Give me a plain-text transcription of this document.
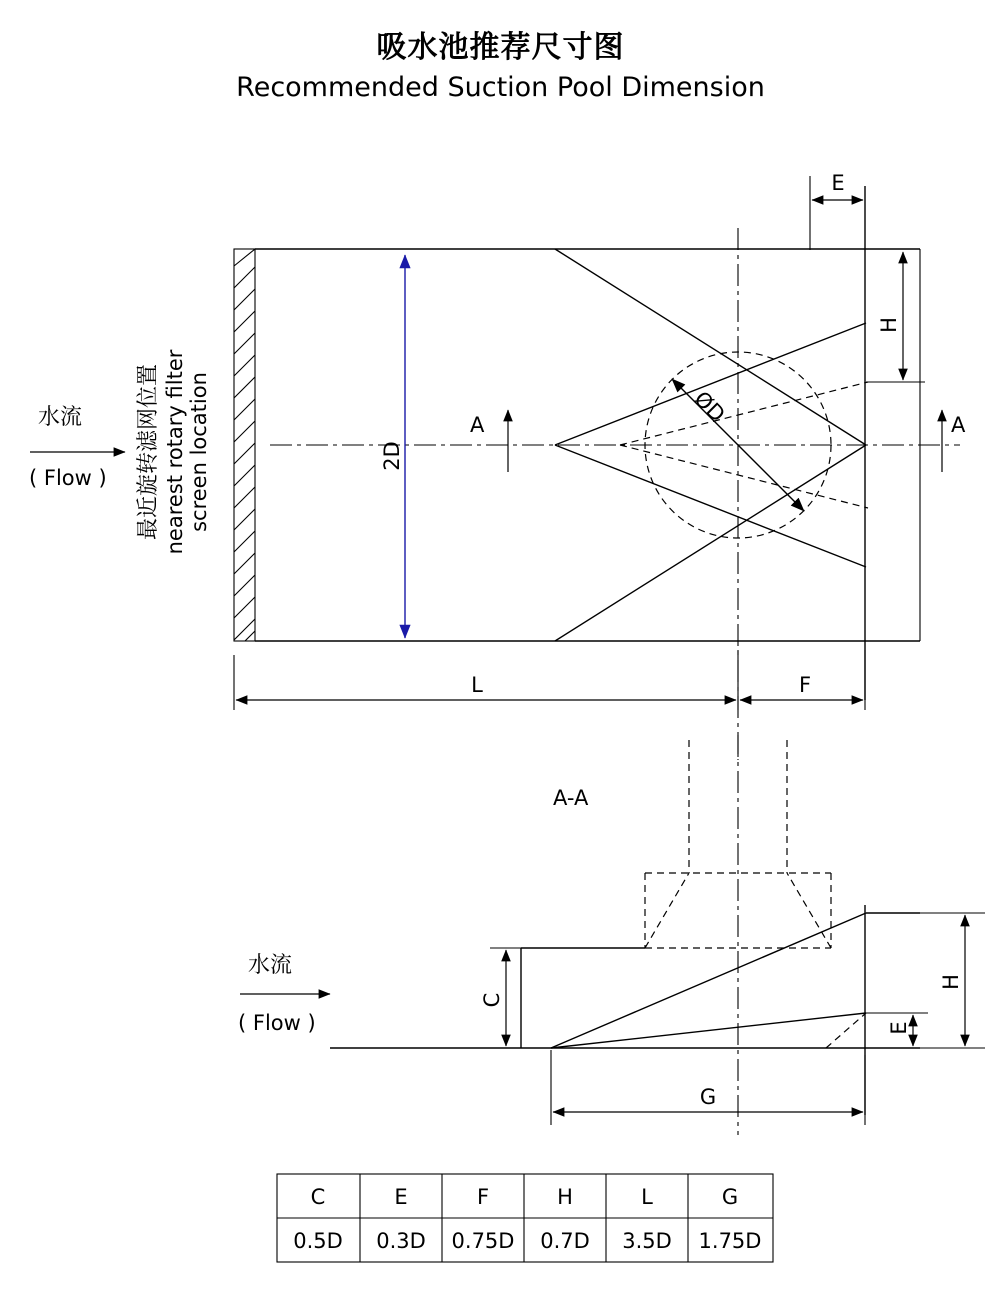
吸水池推荐尺寸图
Recommended Suction Pool Dimension
ØD
2D
L	F
E
H
A	A
水流
( Flow ) 最近旋转滤网位置 nearest rotary filter screen location
A-A
C
G
H
E
水流
( Flow )
C	E	F	H	L	G
0.5D 0.3D 0.75D 0.7D 3.5D 1.75D
